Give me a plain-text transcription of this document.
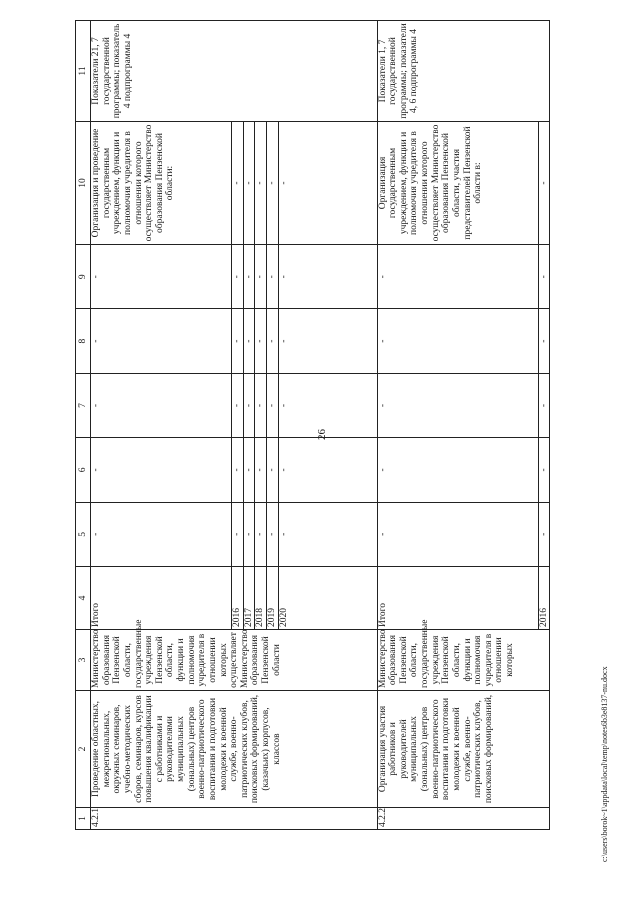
26
1	2	3	4	5	6	7	8	9	10	11
4.2.1	Проведение областных, межрегиональных, окружных семинаров, учебно-методических сборов, семинаров, курсов повышения квалификации с работниками и руководителями муниципальных (зональных) центров военно-патриотического воспитания и подготовки молодежи к военной службе, военно-патриотических клубов, поисковых формирований, (казачьих) корпусов, классов	Министерство образования Пензенской области, государственные учреждения Пензенской области, функции и полномочия учредителя в отношении которых осуществляет Министерство образования Пензенской области	Итого	-	-	-	-	-	Организация и проведение государственным учреждением, функции и полномочия учредителя в отношении которого осуществляет Министерство образования Пензенской области:	Показатели 21, 7 государственной программы; показатель 4 подпрограммы 4
			2016	-	-	-	-	-	-	
			2017	-	-	-	-	-	-	
			2018	-	-	-	-	-	-	
			2019	-	-	-	-	-	-	
			2020	-	-	-	-	-	-	
4.2.2	Организация участия работников и руководителей муниципальных (зональных) центров военно-патриотического воспитания и подготовки молодежи к военной службе, военно-патриотических клубов, поисковых формирований,	Министерство образования Пензенской области, государственные учреждения Пензенской области, функции и полномочия учредителя в отношении которых	Итого	-	-	-	-	-	Организация государственным учреждением, функции и полномочия учредителя в отношении которого осуществляет Министерство образования Пензенской области, участия представителей Пензенской области в:	Показатели 1, 7 государственной программы; показатели 4, 6 подпрограммы 4
			2016	-	-	-	-	-	-	
c:\users\borok~1\appdata\local\temp\notes6b3e8137-nu.docx
